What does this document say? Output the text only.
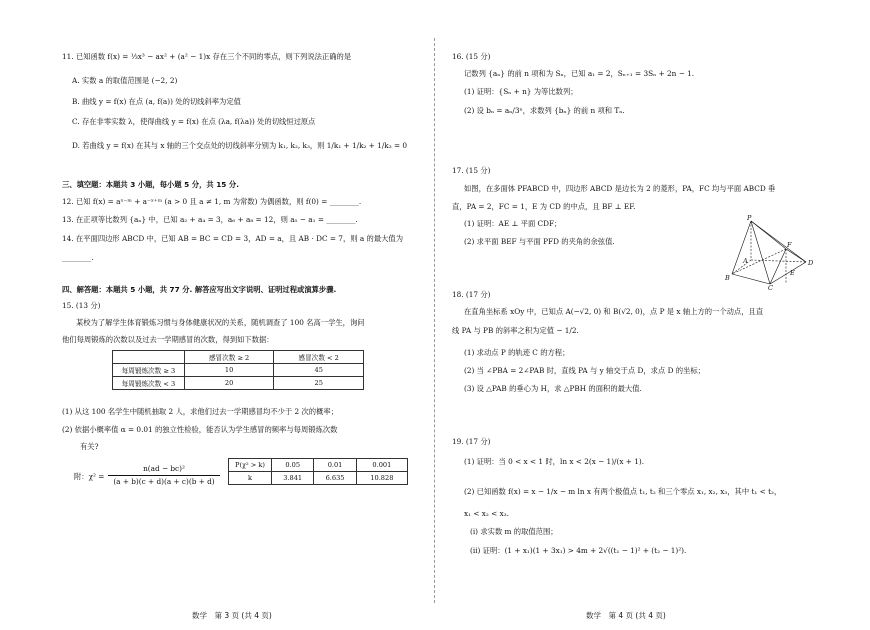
11. 已知函数 f(x) = ⅓x³ − ax² + (a² − 1)x 存在三个不同的零点，则下列说法正确的是
A. 实数 a 的取值范围是 (−2, 2)
B. 曲线 y = f(x) 在点 (a, f(a)) 处的切线斜率为定值
C. 存在非零实数 λ，使得曲线 y = f(x) 在点 (λa, f(λa)) 处的切线恒过原点
D. 若曲线 y = f(x) 在其与 x 轴的三个交点处的切线斜率分别为 k₁, k₂, k₃，则 1/k₁ + 1/k₂ + 1/k₃ = 0
三、填空题：本题共 3 小题，每小题 5 分，共 15 分.
12. 已知 f(x) = aˣ⁻ᵐ + a⁻ˣ⁺ᵐ (a > 0 且 a ≠ 1, m 为常数) 为偶函数，则 f(0) = ________.
13. 在正项等比数列 {aₙ} 中，已知 a₂ + a₄ = 3，a₆ + a₈ = 12，则 a₅ − a₁ = ________.
14. 在平面四边形 ABCD 中，已知 AB = BC = CD = 3，AD = a，且 AB · DC = 7，则 a 的最大值为
________.
四、解答题：本题共 5 小题，共 77 分. 解答应写出文字说明、证明过程或演算步骤.
15. (13 分)
某校为了解学生体育锻炼习惯与身体健康状况的关系，随机调查了 100 名高一学生，询问
他们每周锻炼的次数以及过去一学期感冒的次数，得到如下数据：
	感冒次数 ≥ 2	感冒次数 < 2
每周锻炼次数 ≥ 3	10	45
每周锻炼次数 < 3	20	25
(1) 从这 100 名学生中随机抽取 2 人，求他们过去一学期感冒均不少于 2 次的概率；
(2) 依据小概率值 α = 0.01 的独立性检验，能否认为学生感冒的频率与每周锻炼次数
有关?
附：χ² =
n(ad − bc)²
(a + b)(c + d)(a + c)(b + d)
P(χ² > k)	0.05	0.01	0.001
k	3.841	6.635	10.828
数学　第 3 页 (共 4 页)
16. (15 分)
记数列 {aₙ} 的前 n 项和为 Sₙ，已知 a₁ = 2，Sₙ₊₁ = 3Sₙ + 2n − 1.
(1) 证明：{Sₙ + n} 为等比数列；
(2) 设 bₙ = aₙ/3ⁿ，求数列 {bₙ} 的前 n 项和 Tₙ.
17. (15 分)
如图，在多面体 PFABCD 中，四边形 ABCD 是边长为 2 的菱形，PA，FC 均与平面 ABCD 垂
直，PA = 2，FC = 1，E 为 CD 的中点，且 BF ⊥ EF.
(1) 证明：AE ⊥ 平面 CDF；
(2) 求平面 BEF 与平面 PFD 的夹角的余弦值.
P
F
A
B
C
D
E
18. (17 分)
在直角坐标系 xOy 中，已知点 A(−√2, 0) 和 B(√2, 0)，点 P 是 x 轴上方的一个动点，且直
线 PA 与 PB 的斜率之积为定值 − 1/2.
(1) 求动点 P 的轨迹 C 的方程；
(2) 当 ∠PBA = 2∠PAB 时，直线 PA 与 y 轴交于点 D，求点 D 的坐标；
(3) 设 △PAB 的垂心为 H，求 △PBH 的面积的最大值.
19. (17 分)
(1) 证明：当 0 < x < 1 时，ln x < 2(x − 1)/(x + 1).
(2) 已知函数 f(x) = x − 1/x − m ln x 有两个极值点 t₁, t₂ 和三个零点 x₁, x₂, x₃，其中 t₁ < t₂，
x₁ < x₂ < x₃.
(ⅰ) 求实数 m 的取值范围；
(ⅱ) 证明：(1 + x₁)(1 + 3x₁) > 4m + 2√((t₁ − 1)² + (t₂ − 1)²).
数学　第 4 页 (共 4 页)
